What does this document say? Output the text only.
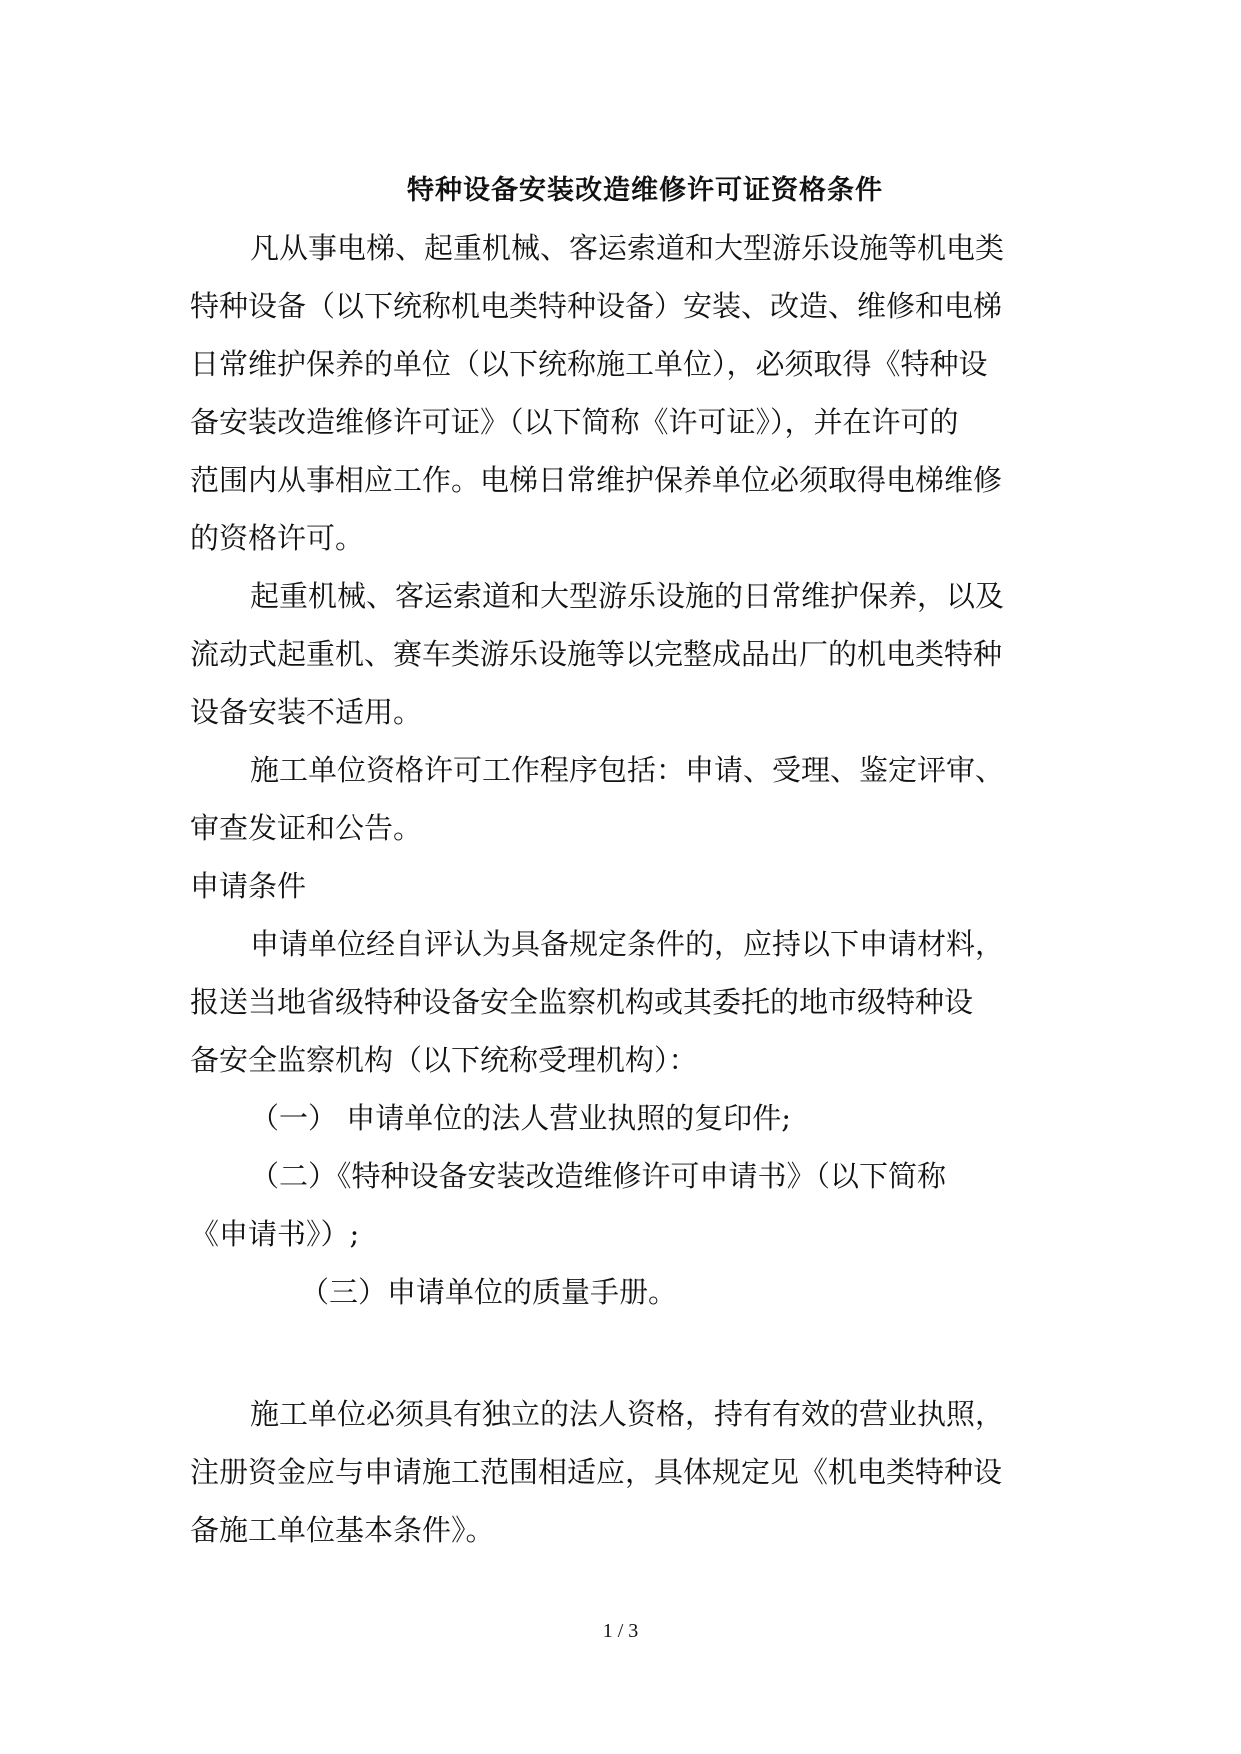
特种设备安装改造维修许可证资格条件
凡从事电梯、起重机械、客运索道和大型游乐设施等机电类
特种设备（以下统称机电类特种设备）安装、改造、维修和电梯
日常维护保养的单位（以下统称施工单位），必须取得《特种设
备安装改造维修许可证》（以下简称《许可证》），并在许可的
范围内从事相应工作。电梯日常维护保养单位必须取得电梯维修
的资格许可。
起重机械、客运索道和大型游乐设施的日常维护保养，以及
流动式起重机、赛车类游乐设施等以完整成品出厂的机电类特种
设备安装不适用。
施工单位资格许可工作程序包括：申请、受理、鉴定评审、
审查发证和公告。
申请条件
申请单位经自评认为具备规定条件的，应持以下申请材料，
报送当地省级特种设备安全监察机构或其委托的地市级特种设
备安全监察机构（以下统称受理机构）：
（一） 申请单位的法人营业执照的复印件;
（二）《特种设备安装改造维修许可申请书》（以下简称
《申请书》）;
（三）申请单位的质量手册。
施工单位必须具有独立的法人资格，持有有效的营业执照，
注册资金应与申请施工范围相适应，具体规定见《机电类特种设
备施工单位基本条件》。
1 / 3
